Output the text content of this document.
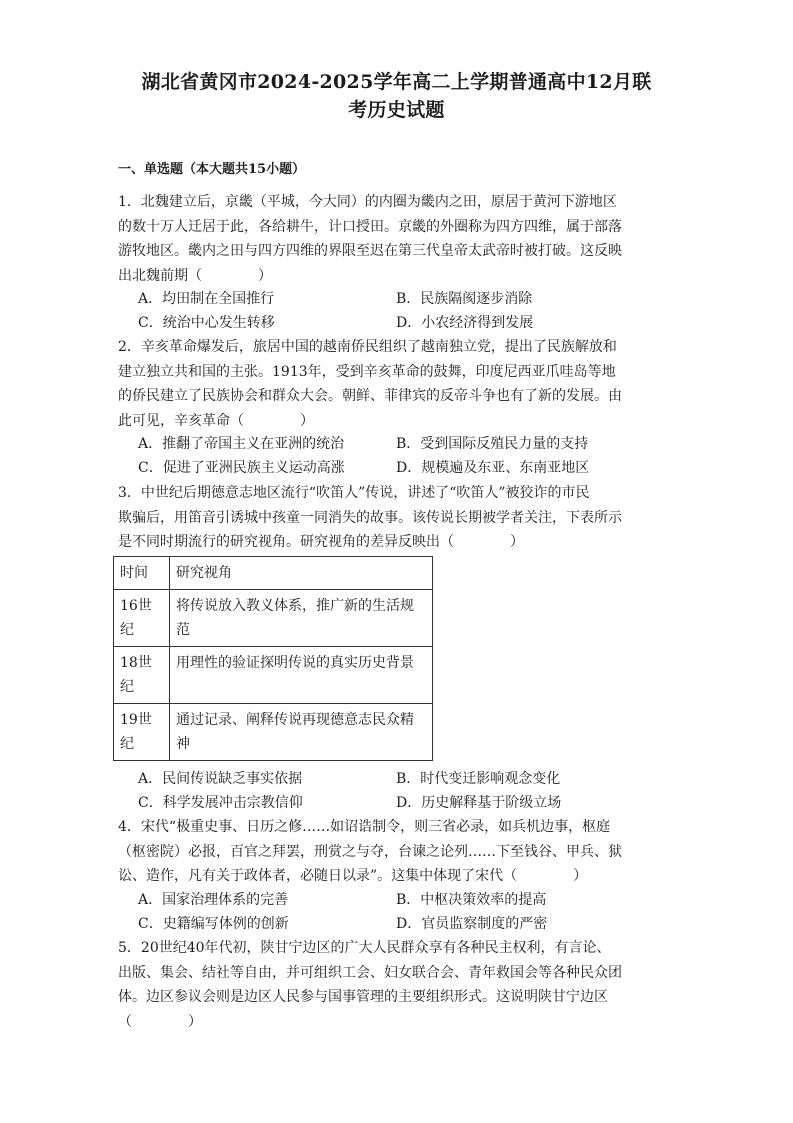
湖北省黄冈市2024-2025学年高二上学期普通高中12月联
考历史试题
一、单选题（本大题共15小题）

1．北魏建立后，京畿（平城，今大同）的内圈为畿内之田，原居于黄河下游地区

的数十万人迁居于此，各给耕牛，计口授田。京畿的外圈称为四方四维，属于部落

游牧地区。畿内之田与四方四维的界限至迟在第三代皇帝太武帝时被打破。这反映

出北魏前期（　　　　）

A．均田制在全国推行	B．民族隔阂逐步消除
C．统治中心发生转移	D．小农经济得到发展

2．辛亥革命爆发后，旅居中国的越南侨民组织了越南独立党，提出了民族解放和

建立独立共和国的主张。1913年，受到辛亥革命的鼓舞，印度尼西亚爪哇岛等地

的侨民建立了民族协会和群众大会。朝鲜、菲律宾的反帝斗争也有了新的发展。由

此可见，辛亥革命（　　　　）

A．推翻了帝国主义在亚洲的统治	B．受到国际反殖民力量的支持
C．促进了亚洲民族主义运动高涨	D．规模遍及东亚、东南亚地区

3．中世纪后期德意志地区流行“吹笛人”传说，讲述了“吹笛人”被狡诈的市民

欺骗后，用笛音引诱城中孩童一同消失的故事。该传说长期被学者关注，下表所示

是不同时期流行的研究视角。研究视角的差异反映出（　　　　）

时间	研究视角
16世纪	将传说放入教义体系，推广新的生活规范
18世纪	用理性的验证探明传说的真实历史背景
19世纪	通过记录、阐释传说再现德意志民众精神
A．民间传说缺乏事实依据	B．时代变迁影响观念变化
C．科学发展冲击宗教信仰	D．历史解释基于阶级立场

4．宋代“极重史事、日历之修……如诏诰制令，则三省必录，如兵机边事，枢庭

（枢密院）必报，百官之拜罢，刑赏之与夺，台谏之论列……下至钱谷、甲兵、狱

讼、造作，凡有关于政体者，必随日以录”。这集中体现了宋代（　　　　）

A．国家治理体系的完善	B．中枢决策效率的提高
C．史籍编写体例的创新	D．官员监察制度的严密

5．20世纪40年代初，陕甘宁边区的广大人民群众享有各种民主权利，有言论、

出版、集会、结社等自由，并可组织工会、妇女联合会、青年救国会等各种民众团

体。边区参议会则是边区人民参与国事管理的主要组织形式。这说明陕甘宁边区

（　　　　）
